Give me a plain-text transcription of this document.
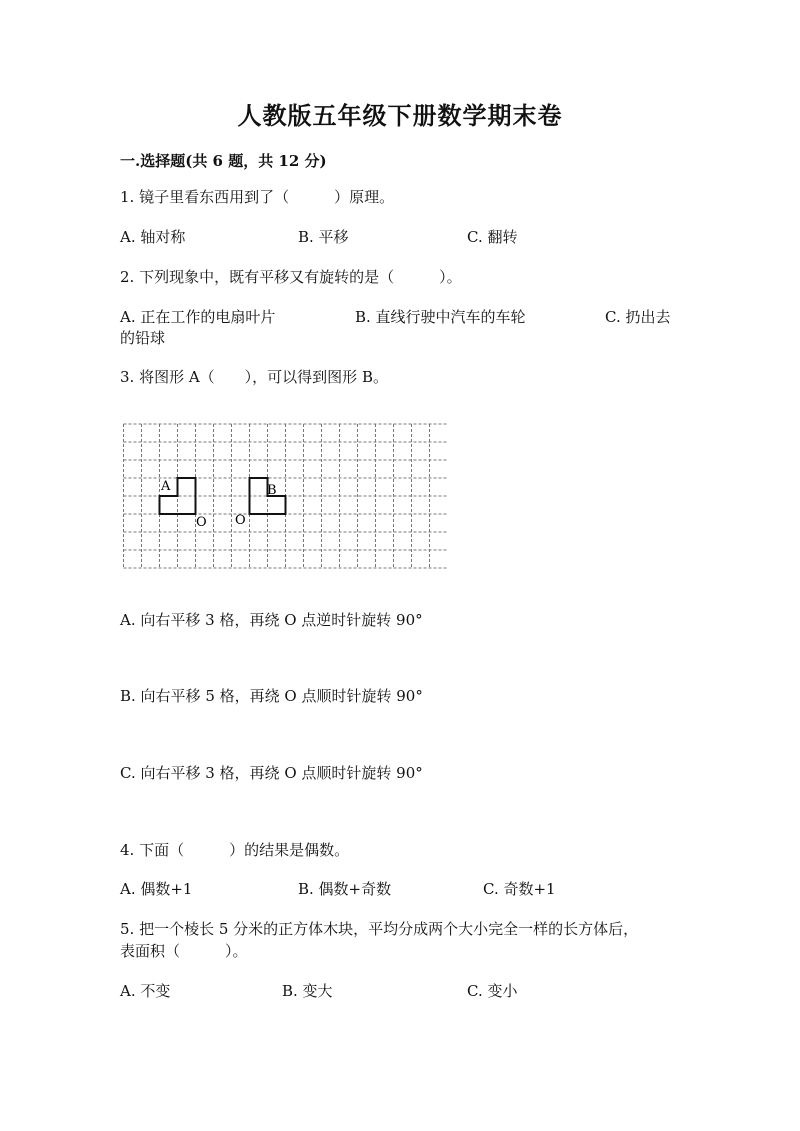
人教版五年级下册数学期末卷
一.选择题(共 6 题，共 12 分)
1. 镜子里看东西用到了（　　　）原理。
A. 轴对称	B. 平移	C. 翻转
2. 下列现象中，既有平移又有旋转的是（　　　）。
A. 正在工作的电扇叶片	B. 直线行驶中汽车的车轮	C. 扔出去
的铅球
3. 将图形 A（　　），可以得到图形 B。
A	B
O O
A. 向右平移 3 格，再绕 O 点逆时针旋转 90°
B. 向右平移 5 格，再绕 O 点顺时针旋转 90°
C. 向右平移 3 格，再绕 O 点顺时针旋转 90°
4. 下面（　　　）的结果是偶数。
A. 偶数+1	B. 偶数+奇数	C. 奇数+1
5. 把一个棱长 5 分米的正方体木块，平均分成两个大小完全一样的长方体后，
表面积（　　　）。
A. 不变	B. 变大	C. 变小
